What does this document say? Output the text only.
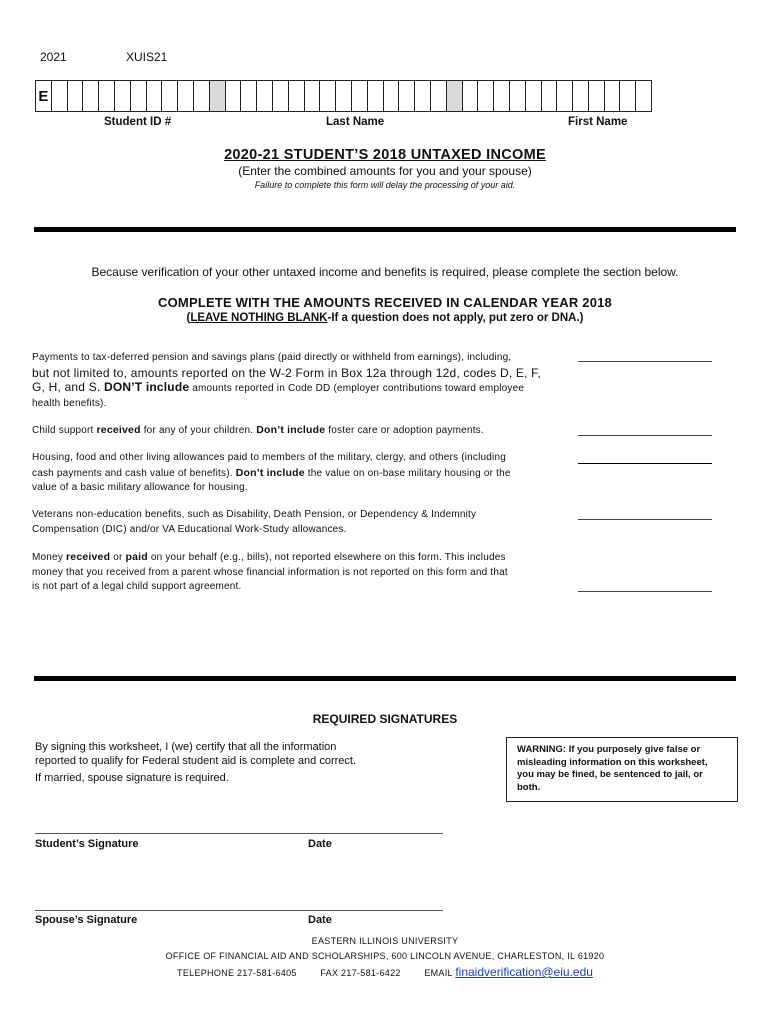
2021	XUIS21
E
Student ID #	Last Name	First Name
2020-21 STUDENT’S 2018 UNTAXED INCOME
(Enter the combined amounts for you and your spouse)
Failure to complete this form will delay the processing of your aid.
Because verification of your other untaxed income and benefits is required, please complete the section below.
COMPLETE WITH THE AMOUNTS RECEIVED IN CALENDAR YEAR 2018
(LEAVE NOTHING BLANK-If a question does not apply, put zero or DNA.)
Payments to tax-deferred pension and savings plans (paid directly or withheld from earnings), including,
but not limited to, amounts reported on the W-2 Form in Box 12a through 12d, codes D, E, F,
G, H, and S. DON’T include amounts reported in Code DD (employer contributions toward employee
health benefits).
Child support received for any of your children. Don’t include foster care or adoption payments.
Housing, food and other living allowances paid to members of the military, clergy, and others (including
cash payments and cash value of benefits). Don’t include the value on on-base military housing or the
value of a basic military allowance for housing.
Veterans non-education benefits, such as Disability, Death Pension, or Dependency & Indemnity
Compensation (DIC) and/or VA Educational Work-Study allowances.
Money received or paid on your behalf (e.g., bills), not reported elsewhere on this form. This includes
money that you received from a parent whose financial information is not reported on this form and that
is not part of a legal child support agreement.
REQUIRED SIGNATURES
By signing this worksheet, I (we) certify that all the information
reported to qualify for Federal student aid is complete and correct.
If married, spouse signature is required.
WARNING: If you purposely give false or misleading information on this worksheet, you may be fined, be sentenced to jail, or both.
Student’s Signature	Date
Spouse’s Signature	Date
EASTERN ILLINOIS UNIVERSITY
OFFICE OF FINANCIAL AID AND SCHOLARSHIPS, 600 LINCOLN AVENUE, CHARLESTON, IL 61920
TELEPHONE 217-581-6405	FAX 217-581-6422	EMAIL finaidverification@eiu.edu
